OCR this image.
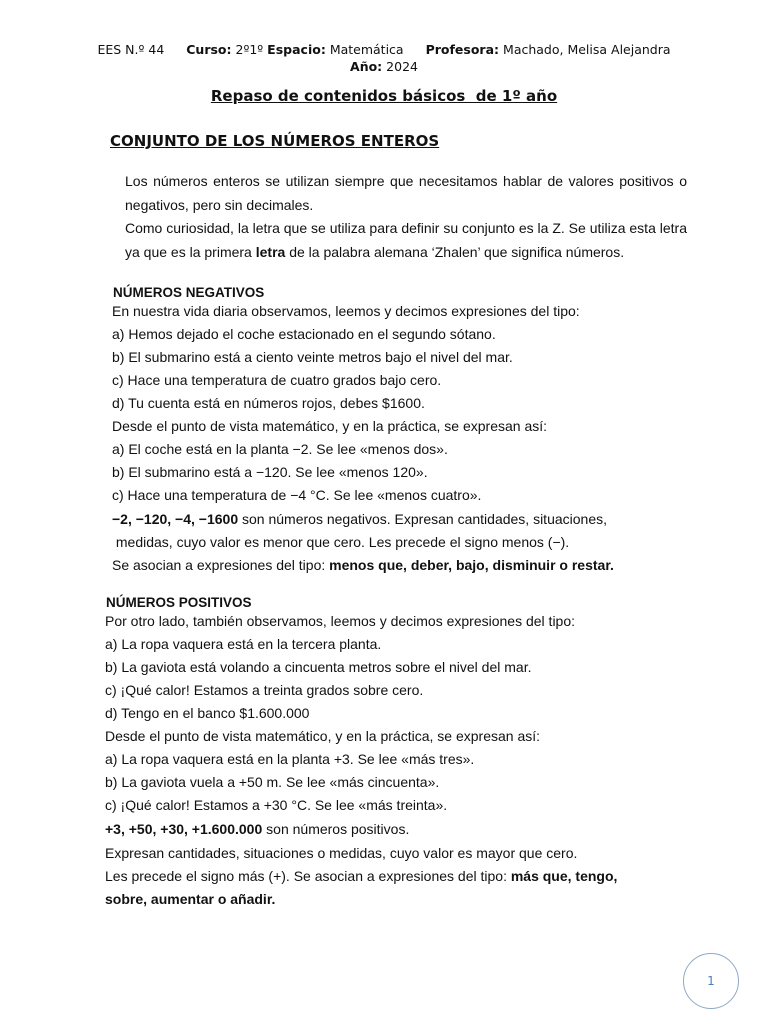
EES N.º 44 Curso: 2º1º Espacio: Matemática Profesora: Machado, Melisa Alejandra
Año: 2024
Repaso de contenidos básicos  de 1º año
CONJUNTO DE LOS NÚMEROS ENTEROS

Los números enteros se utilizan siempre que necesitamos hablar de valores positivos o negativos, pero sin decimales.

Como curiosidad, la letra que se utiliza para definir su conjunto es la Z. Se utiliza esta letra ya que es la primera letra de la palabra alemana ‘Zhalen’ que significa números.

NÚMEROS NEGATIVOS
En nuestra vida diaria observamos, leemos y decimos expresiones del tipo:
a) Hemos dejado el coche estacionado en el segundo sótano.
b) El submarino está a ciento veinte metros bajo el nivel del mar.
c) Hace una temperatura de cuatro grados bajo cero.
d) Tu cuenta está en números rojos, debes $1600.
Desde el punto de vista matemático, y en la práctica, se expresan así:
a) El coche está en la planta −2. Se lee «menos dos».
b) El submarino está a −120. Se lee «menos 120».
c) Hace una temperatura de −4 °C. Se lee «menos cuatro».
−2, −120, −4, −1600 son números negativos. Expresan cantidades, situaciones,
medidas, cuyo valor es menor que cero. Les precede el signo menos (−).
Se asocian a expresiones del tipo: menos que, deber, bajo, disminuir o restar.
NÚMEROS POSITIVOS
Por otro lado, también observamos, leemos y decimos expresiones del tipo:
a) La ropa vaquera está en la tercera planta.
b) La gaviota está volando a cincuenta metros sobre el nivel del mar.
c) ¡Qué calor! Estamos a treinta grados sobre cero.
d) Tengo en el banco $1.600.000
Desde el punto de vista matemático, y en la práctica, se expresan así:
a) La ropa vaquera está en la planta +3. Se lee «más tres».
b) La gaviota vuela a +50 m. Se lee «más cincuenta».
c) ¡Qué calor! Estamos a +30 °C. Se lee «más treinta».
+3, +50, +30, +1.600.000 son números positivos.
Expresan cantidades, situaciones o medidas, cuyo valor es mayor que cero.
Les precede el signo más (+). Se asocian a expresiones del tipo: más que, tengo,
sobre, aumentar o añadir.
1
